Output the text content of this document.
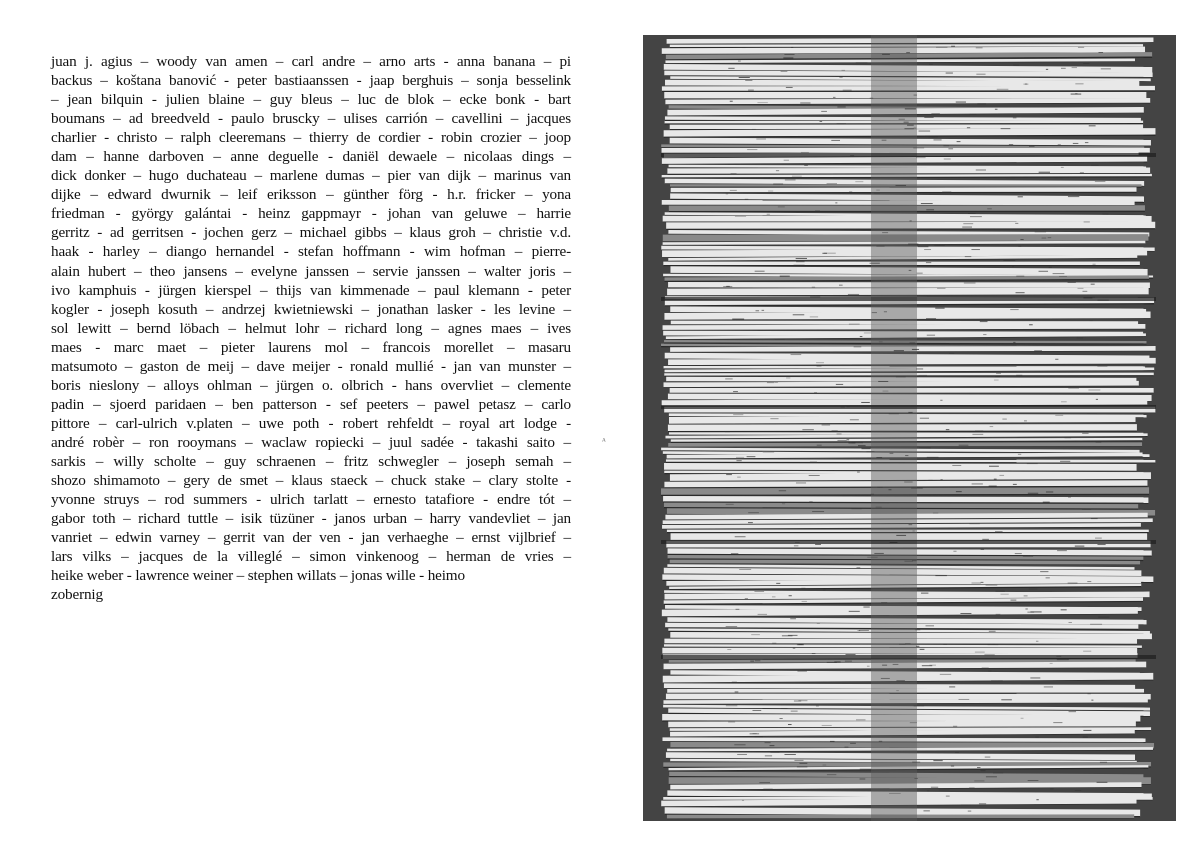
juan j. agius – woody van amen – carl andre – arno arts - anna banana – pi
backus – koštana banović - peter bastiaanssen - jaap berghuis – sonja besselink
– jean bilquin - julien blaine – guy bleus – luc de blok – ecke bonk - bart
boumans – ad breedveld - paulo bruscky – ulises carrión – cavellini – jacques
charlier - christo – ralph cleeremans – thierry de cordier - robin crozier – joop
dam – hanne darboven – anne deguelle - daniël dewaele – nicolaas dings –
dick donker – hugo duchateau – marlene dumas – pier van dijk – marinus van
dijke – edward dwurnik – leif eriksson – günther förg - h.r. fricker – yona
friedman - györgy galántai - heinz gappmayr - johan van geluwe – harrie
gerritz - ad gerritsen - jochen gerz – michael gibbs – klaus groh – christie v.d.
haak - harley – diango hernandel - stefan hoffmann - wim hofman – pierre-
alain hubert – theo jansens – evelyne janssen – servie janssen – walter joris –
ivo kamphuis - jürgen kierspel – thijs van kimmenade – paul klemann - peter
kogler - joseph kosuth – andrzej kwietniewski – jonathan lasker - les levine –
sol lewitt – bernd löbach – helmut lohr – richard long – agnes maes – ives
maes - marc maet – pieter laurens mol – francois morellet – masaru
matsumoto – gaston de meij – dave meijer - ronald mullié - jan van munster –
boris nieslony – alloys ohlman – jürgen o. olbrich - hans overvliet – clemente
padin – sjoerd paridaen – ben patterson - sef peeters – pawel petasz – carlo
pittore – carl-ulrich v.platen – uwe poth - robert rehfeldt – royal art lodge -
andré robèr – ron rooymans – waclaw ropiecki – juul sadée - takashi saito –
sarkis – willy scholte – guy schraenen – fritz schwegler – joseph semah –
shozo shimamoto – gery de smet – klaus staeck – chuck stake – clary stolte -
yvonne struys – rod summers - ulrich tarlatt – ernesto tatafiore - endre tót –
gabor toth – richard tuttle – isik tüzüner - janos urban – harry vandevliet – jan
vanriet – edwin varney – gerrit van der ven - jan verhaeghe – ernst vijlbrief –
lars vilks – jacques de la villeglé – simon vinkenoog – herman de vries –
heike weber - lawrence weiner – stephen willats – jonas wille - heimo
zobernig
ᴬ
